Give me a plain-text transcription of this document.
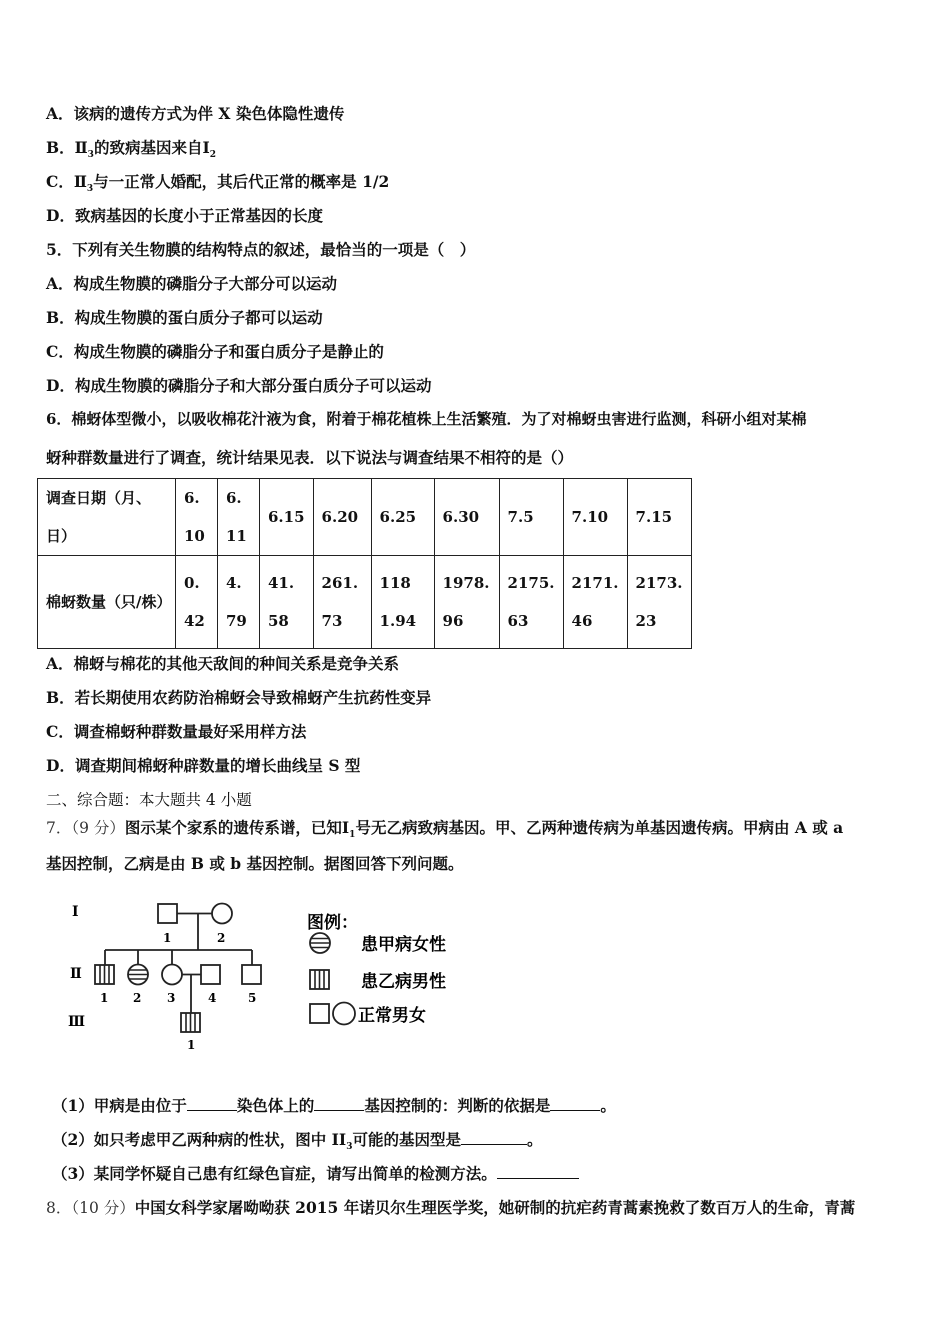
A．该病的遗传方式为伴 X 染色体隐性遗传
B．$Ⅱ_3$的致病基因来自$Ⅰ_2$
C．$Ⅱ_3$与一正常人婚配，其后代正常的概率是 1/2
D．致病基因的长度小于正常基因的长度
5．下列有关生物膜的结构特点的叙述，最恰当的一项是（　）
A．构成生物膜的磷脂分子大部分可以运动
B．构成生物膜的蛋白质分子都可以运动
C．构成生物膜的磷脂分子和蛋白质分子是静止的
D．构成生物膜的磷脂分子和大部分蛋白质分子可以运动
6．棉蚜体型微小，以吸收棉花汁液为食，附着于棉花植株上生活繁殖．为了对棉蚜虫害进行监测，科研小组对某棉
蚜种群数量进行了调查，统计结果见表．以下说法与调查结果不相符的是（）
调查日期（月、日）	6.10	6.11	6.15	6.20	6.25	6.30	7.5	7.10	7.15

棉蚜数量（只/株）	0.42	4.79	41.58	261.73	1181.94	1978.96	2175.63	2171.46	2173.23
A．棉蚜与棉花的其他天敌间的种间关系是竞争关系
B．若长期使用农药防治棉蚜会导致棉蚜产生抗药性变异
C．调查棉蚜种群数量最好采用样方法
D．调查期间棉蚜种辟数量的增长曲线呈 S 型
二、综合题：本大题共 4 小题
7．（9 分）图示某个家系的遗传系谱，已知$Ⅰ_1$号无乙病致病基因。甲、乙两种遗传病为单基因遗传病。甲病由 A 或 a
基因控制，乙病是由 B 或 b 基因控制。据图回答下列问题。
Ⅰ
Ⅱ
Ⅲ
1	2
1 2 3	4	5
1
图例：
患甲病女性
患乙病男性
正常男女
（1）甲病是由位于	染色体上的	基因控制的：判断的依据是	。
（2）如只考虑甲乙两种病的性状，图中 $II_3$可能的基因型是	。
（3）某同学怀疑自己患有红绿色盲症，请写出简单的检测方法。
8．（10 分）中国女科学家屠呦呦获 2015 年诺贝尔生理医学奖，她研制的抗疟药青蒿素挽救了数百万人的生命，青蒿
